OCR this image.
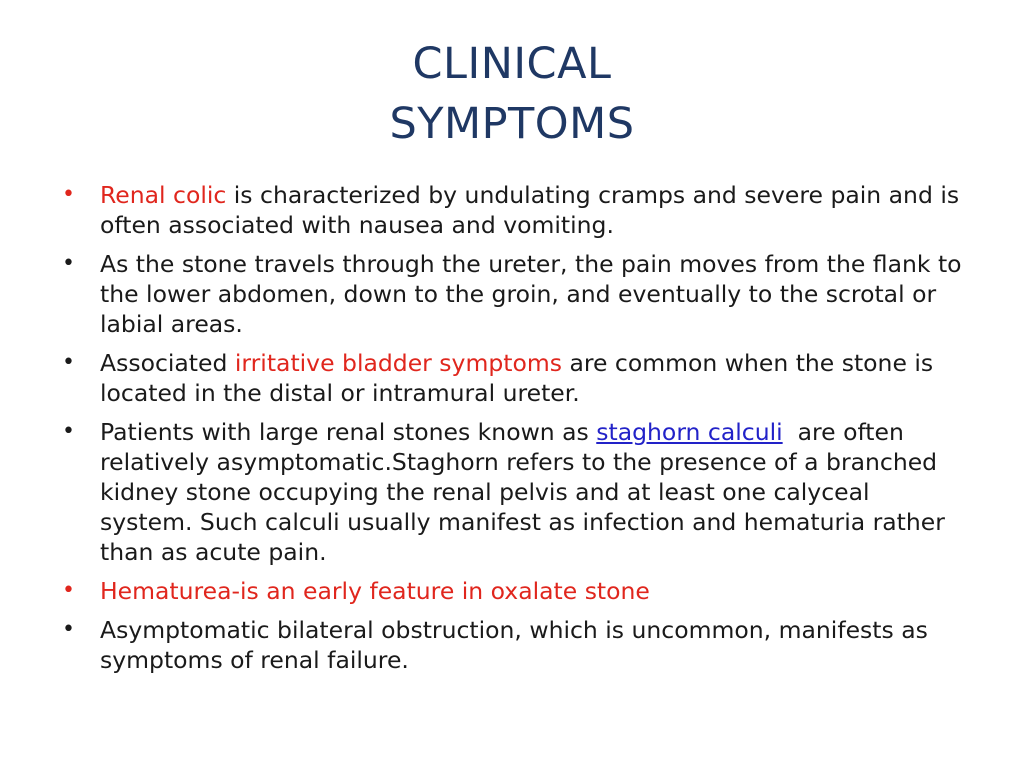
CLINICAL
SYMPTOMS
• Renal colic is characterized by undulating cramps and severe pain and is often associated with nausea and vomiting.
• As the stone travels through the ureter, the pain moves from the flank to the lower abdomen, down to the groin, and eventually to the scrotal or labial areas.
• Associated irritative bladder symptoms are common when the stone is located in the distal or intramural ureter.
• Patients with large renal stones known as staghorn calculi  are often relatively asymptomatic.Staghorn refers to the presence of a branched kidney stone occupying the renal pelvis and at least one calyceal system. Such calculi usually manifest as infection and hematuria rather than as acute pain.
• Hematurea-is an early feature in oxalate stone
• Asymptomatic bilateral obstruction, which is uncommon, manifests as symptoms of renal failure.
